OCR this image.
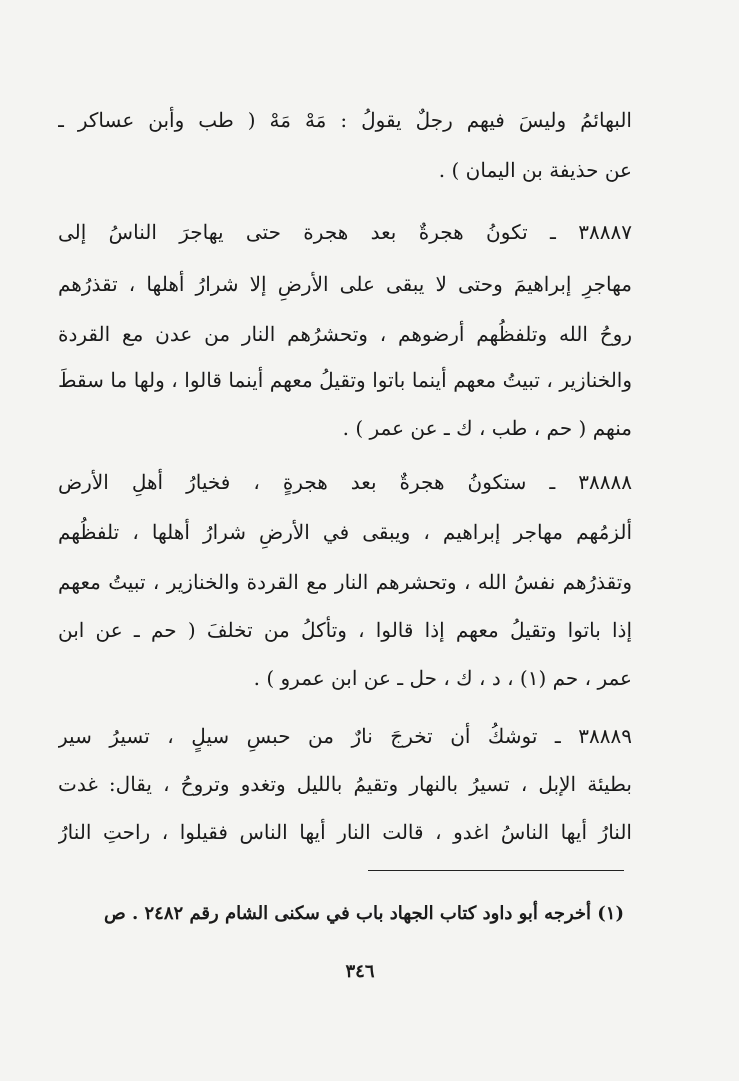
البهائمُ وليسَ فيهم رجلٌ يقولُ : مَهْ مَهْ ( طب وأبن عساكر ـ
عن حذيفة بن اليمان ) .
٣٨٨٨٧ ـ تكونُ هجرةٌ بعد هجرة حتى يهاجرَ الناسُ إلى
مهاجرِ إبراهيمَ وحتى لا يبقى على الأرضِ إلا شرارُ أهلها ، تقذرُهم
روحُ الله وتلفظُهم أرضوهم ، وتحشرُهم النار من عدن مع القردة
والخنازير ، تبيتُ معهم أينما باتوا وتقيلُ معهم أينما قالوا ، ولها ما سقطَ
منهم ( حم ، طب ، ك ـ عن عمر ) .
٣٨٨٨٨ ـ ستكونُ هجرةٌ بعد هجرةٍ ، فخيارُ أهلِ الأرض
ألزمُهم مهاجر إبراهيم ، ويبقى في الأرضِ شرارُ أهلها ، تلفظُهم
وتقذرُهم نفسُ الله ، وتحشرهم النار مع القردة والخنازير ، تبيتُ معهم
إذا باتوا وتقيلُ معهم إذا قالوا ، وتأكلُ من تخلفَ ( حم ـ عن ابن
عمر ، حم (١) ، د ، ك ، حل ـ عن ابن عمرو ) .
٣٨٨٨٩ ـ توشكُ أن تخرجَ نارٌ من حبسِ سيلٍ ، تسيرُ سير
بطيئة الإبل ، تسيرُ بالنهار وتقيمُ بالليل وتغدو وتروحُ ، يقال: غدت
النارُ أيها الناسُ اغدو ، قالت النار أيها الناس فقيلوا ، راحتِ النارُ
(١) أخرجه أبو داود كتاب الجهاد باب في سكنى الشام رقم ٢٤٨٢ . ص
٣٤٦
